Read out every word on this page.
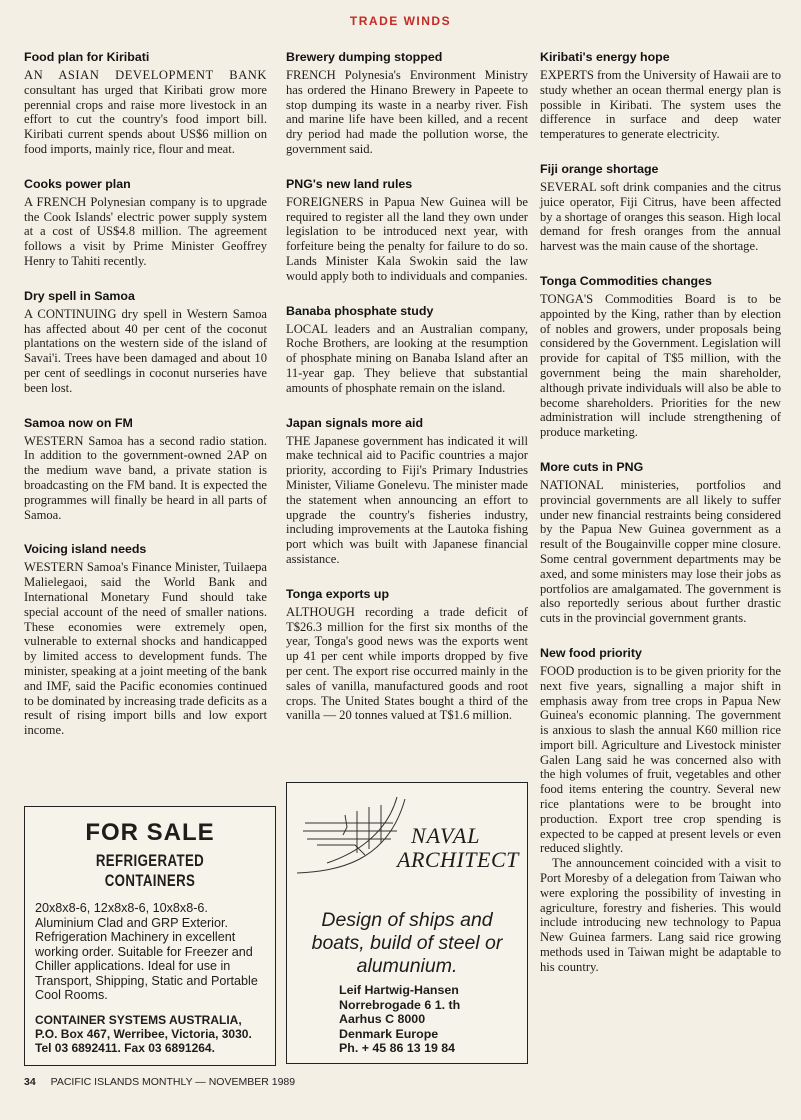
TRADE WINDS
Food plan for Kiribati

AN ASIAN DEVELOPMENT BANK consultant has urged that Kiribati grow more perennial crops and raise more livestock in an effort to cut the country's food import bill. Kiribati current spends about US$6 million on food imports, mainly rice, flour and meat.

Cooks power plan

A FRENCH Polynesian company is to upgrade the Cook Islands' electric power supply system at a cost of US$4.8 million. The agreement follows a visit by Prime Minister Geoffrey Henry to Tahiti recently.

Dry spell in Samoa

A CONTINUING dry spell in Western Samoa has affected about 40 per cent of the coconut plantations on the western side of the island of Savai'i. Trees have been damaged and about 10 per cent of seedlings in coconut nurseries have been lost.

Samoa now on FM

WESTERN Samoa has a second radio station. In addition to the government-owned 2AP on the medium wave band, a private station is broadcasting on the FM band. It is expected the programmes will finally be heard in all parts of Samoa.

Voicing island needs

WESTERN Samoa's Finance Minister, Tuilaepa Malielegaoi, said the World Bank and International Monetary Fund should take special account of the need of smaller nations. These economies were extremely open, vulnerable to external shocks and handicapped by limited access to development funds. The minister, speaking at a joint meeting of the bank and IMF, said the Pacific economies continued to be dominated by increasing trade deficits as a result of rising import bills and low export income.

Brewery dumping stopped

FRENCH Polynesia's Environment Ministry has ordered the Hinano Brewery in Papeete to stop dumping its waste in a nearby river. Fish and marine life have been killed, and a recent dry period had made the pollution worse, the government said.

PNG's new land rules

FOREIGNERS in Papua New Guinea will be required to register all the land they own under legislation to be introduced next year, with forfeiture being the penalty for failure to do so. Lands Minister Kala Swokin said the law would apply both to individuals and companies.

Banaba phosphate study

LOCAL leaders and an Australian company, Roche Brothers, are looking at the resumption of phosphate mining on Banaba Island after an 11-year gap. They believe that substantial amounts of phosphate remain on the island.

Japan signals more aid

THE Japanese government has indicated it will make technical aid to Pacific countries a major priority, according to Fiji's Primary Industries Minister, Viliame Gonelevu. The minister made the statement when announcing an effort to upgrade the country's fisheries industry, including improvements at the Lautoka fishing port which was built with Japanese financial assistance.

Tonga exports up

ALTHOUGH recording a trade deficit of T$26.3 million for the first six months of the year, Tonga's good news was the exports went up 41 per cent while imports dropped by five per cent. The export rise occurred mainly in the sales of vanilla, manufactured goods and root crops. The United States bought a third of the vanilla — 20 tonnes valued at T$1.6 million.

Kiribati's energy hope

EXPERTS from the University of Hawaii are to study whether an ocean thermal energy plan is possible in Kiribati. The system uses the difference in surface and deep water temperatures to generate electricity.

Fiji orange shortage

SEVERAL soft drink companies and the citrus juice operator, Fiji Citrus, have been affected by a shortage of oranges this season. High local demand for fresh oranges from the annual harvest was the main cause of the shortage.

Tonga Commodities changes

TONGA'S Commodities Board is to be appointed by the King, rather than by election of nobles and growers, under proposals being considered by the Government. Legislation will provide for capital of T$5 million, with the government being the main shareholder, although private individuals will also be able to become shareholders. Priorities for the new administration will include strengthening of produce marketing.

More cuts in PNG

NATIONAL ministeries, portfolios and provincial governments are all likely to suffer under new financial restraints being considered by the Papua New Guinea government as a result of the Bougainville copper mine closure. Some central government departments may be axed, and some ministers may lose their jobs as portfolios are amalgamated. The government is also reportedly serious about further drastic cuts in the provincial government grants.

New food priority

FOOD production is to be given priority for the next five years, signalling a major shift in emphasis away from tree crops in Papua New Guinea's economic planning. The government is anxious to slash the annual K60 million rice import bill. Agriculture and Livestock minister Galen Lang said he was concerned also with the high volumes of fruit, vegetables and other food items entering the country. Several new rice plantations were to be brought into production. Export tree crop spending is expected to be capped at present levels or even reduced slightly.

The announcement coincided with a visit to Port Moresby of a delegation from Taiwan who were exploring the possibility of investing in agriculture, forestry and fisheries. This would include introducing new technology to Papua New Guinea farmers. Lang said rice growing methods used in Taiwan might be adaptable to his country.

FOR SALE
REFRIGERATED CONTAINERS
20x8x8-6, 12x8x8-6, 10x8x8-6. Aluminium Clad and GRP Exterior. Refrigeration Machinery in excellent working order. Suitable for Freezer and Chiller applications. Ideal for use in Transport, Shipping, Static and Portable Cool Rooms.
CONTAINER SYSTEMS AUSTRALIA,
P.O. Box 467, Werribee, Victoria, 3030.
Tel 03 6892411. Fax 03 6891264.
NAVAL
ARCHITECT
Design of ships and boats, build of steel or alumunium.
Leif Hartwig-Hansen
Norrebrogade 6 1. th
Aarhus C 8000
Denmark Europe
Ph. + 45 86 13 19 84
34 PACIFIC ISLANDS MONTHLY — NOVEMBER 1989
